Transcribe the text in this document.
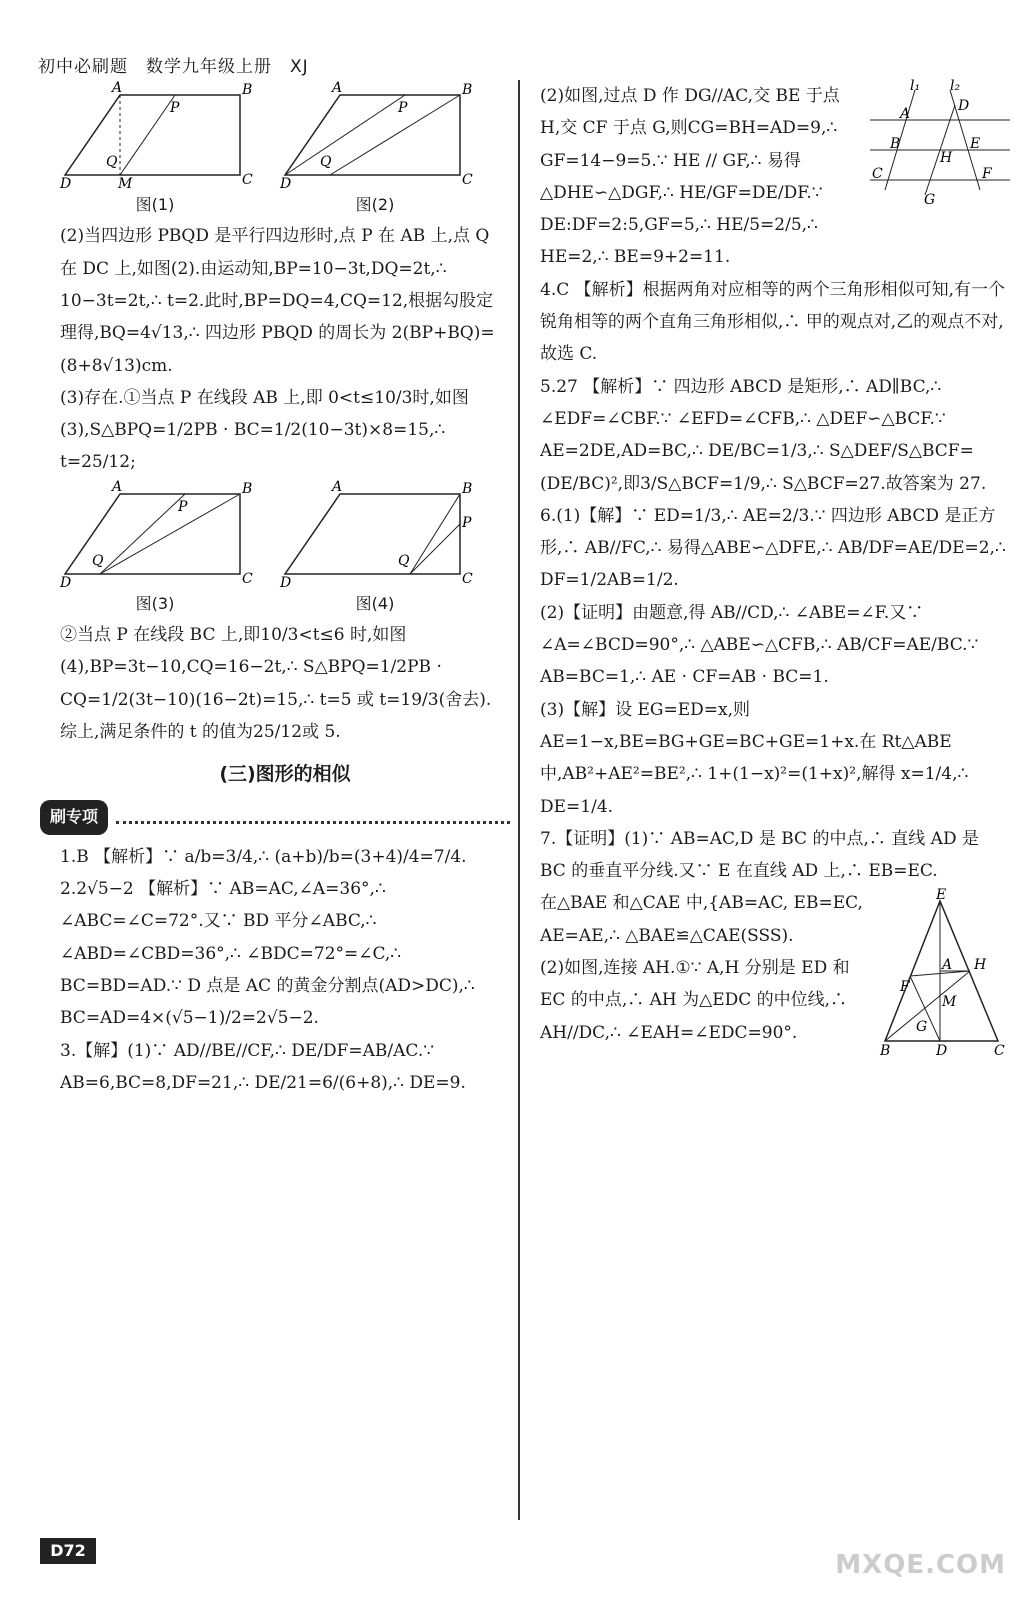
初中必刷题　数学九年级上册　XJ
A	B
D	C
P
Q
M
图(1)
A	B
D	C
P
Q
图(2)

(2)当四边形 PBQD 是平行四边形时,点 P 在 AB 上,点 Q 在 DC 上,如图(2).由运动知,BP=10−3t,DQ=2t,∴ 10−3t=2t,∴ t=2.此时,BP=DQ=4,CQ=12,根据勾股定理得,BQ=4√13,∴ 四边形 PBQD 的周长为 2(BP+BQ)=(8+8√13)cm.

(3)存在.①当点 P 在线段 AB 上,即 0<t≤10/3时,如图(3),S△BPQ=1/2PB · BC=1/2(10−3t)×8=15,∴ t=25/12;

A	B
D	C
P
Q
图(3)
A	B
D	C
P
Q
图(4)

②当点 P 在线段 BC 上,即10/3<t≤6 时,如图(4),BP=3t−10,CQ=16−2t,∴ S△BPQ=1/2PB · CQ=1/2(3t−10)(16−2t)=15,∴ t=5 或 t=19/3(舍去).

综上,满足条件的 t 的值为25/12或 5.

(三)图形的相似
刷专项

1.B 【解析】∵ a/b=3/4,∴ (a+b)/b=(3+4)/4=7/4.

2.2√5−2 【解析】∵ AB=AC,∠A=36°,∴ ∠ABC=∠C=72°.又∵ BD 平分∠ABC,∴ ∠ABD=∠CBD=36°,∴ ∠BDC=72°=∠C,∴ BC=BD=AD.∵ D 点是 AC 的黄金分割点(AD>DC),∴ BC=AD=4×(√5−1)/2=2√5−2.

3.【解】(1)∵ AD//BE//CF,∴ DE/DF=AB/AC.∵ AB=6,BC=8,DF=21,∴ DE/21=6/(6+8),∴ DE=9.

l₁ l₂
A	D
B	E
H
C	F
G

(2)如图,过点 D 作 DG//AC,交 BE 于点 H,交 CF 于点 G,则CG=BH=AD=9,∴ GF=14−9=5.∵ HE // GF,∴ 易得 △DHE∽△DGF,∴ HE/GF=DE/DF.∵ DE:DF=2:5,GF=5,∴ HE/5=2/5,∴ HE=2,∴ BE=9+2=11.

4.C 【解析】根据两角对应相等的两个三角形相似可知,有一个锐角相等的两个直角三角形相似,∴ 甲的观点对,乙的观点不对,故选 C.

5.27 【解析】∵ 四边形 ABCD 是矩形,∴ AD∥BC,∴ ∠EDF=∠CBF.∵ ∠EFD=∠CFB,∴ △DEF∽△BCF.∵ AE=2DE,AD=BC,∴ DE/BC=1/3,∴ S△DEF/S△BCF=(DE/BC)²,即3/S△BCF=1/9,∴ S△BCF=27.故答案为 27.

6.(1)【解】∵ ED=1/3,∴ AE=2/3.∵ 四边形 ABCD 是正方形,∴ AB//FC,∴ 易得△ABE∽△DFE,∴ AB/DF=AE/DE=2,∴ DF=1/2AB=1/2.

(2)【证明】由题意,得 AB//CD,∴ ∠ABE=∠F.又∵ ∠A=∠BCD=90°,∴ △ABE∽△CFB,∴ AB/CF=AE/BC.∵ AB=BC=1,∴ AE · CF=AB · BC=1.

(3)【解】设 EG=ED=x,则 AE=1−x,BE=BG+GE=BC+GE=1+x.在 Rt△ABE 中,AB²+AE²=BE²,∴ 1+(1−x)²=(1+x)²,解得 x=1/4,∴ DE=1/4.

7.【证明】(1)∵ AB=AC,D 是 BC 的中点,∴ 直线 AD 是 BC 的垂直平分线.又∵ E 在直线 AD 上,∴ EB=EC.

E
A H
F
M
G
B	D	C

在△BAE 和△CAE 中,{AB=AC, EB=EC, AE=AE,∴ △BAE≌△CAE(SSS).

(2)如图,连接 AH.①∵ A,H 分别是 ED 和 EC 的中点,∴ AH 为△EDC 的中位线,∴ AH//DC,∴ ∠EAH=∠EDC=90°.

D72	MXQE.COM
